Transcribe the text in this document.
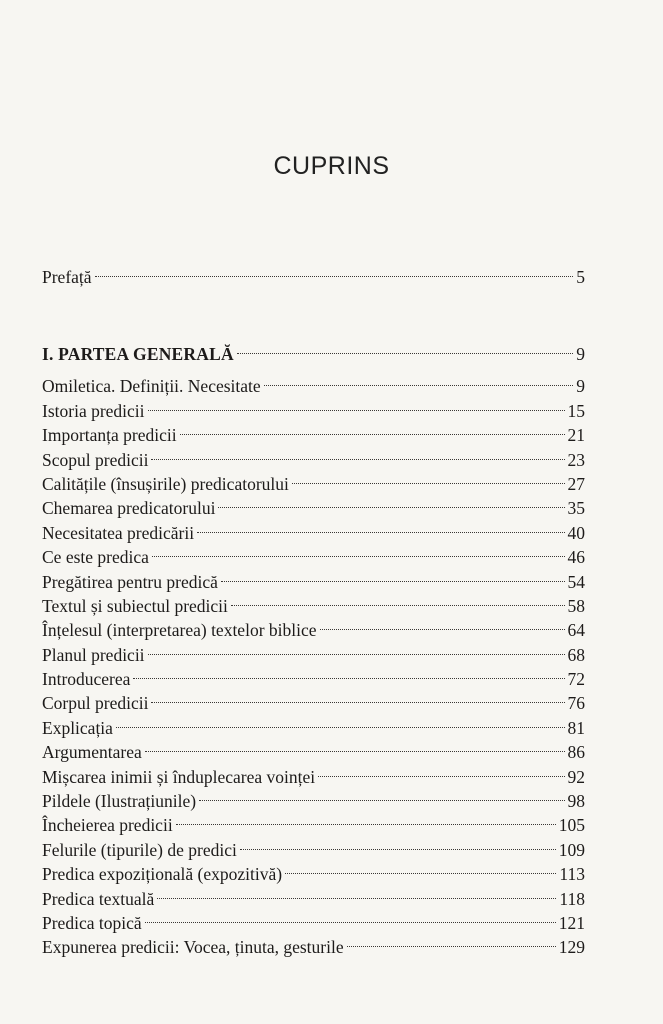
CUPRINS
Prefață	5
I. PARTEA GENERALĂ	9
Omiletica. Definiții. Necesitate	9
Istoria predicii	15
Importanța predicii	21
Scopul predicii	23
Calitățile (însușirile) predicatorului	27
Chemarea predicatorului	35
Necesitatea predicării	40
Ce este predica	46
Pregătirea pentru predică	54
Textul și subiectul predicii	58
Înțelesul (interpretarea) textelor biblice	64
Planul predicii	68
Introducerea	72
Corpul predicii	76
Explicația	81
Argumentarea	86
Mișcarea inimii și înduplecarea voinței	92
Pildele (Ilustrațiunile)	98
Încheierea predicii	105
Felurile (tipurile) de predici	109
Predica expozițională (expozitivă)	113
Predica textuală	118
Predica topică	121
Expunerea predicii: Vocea, ținuta, gesturile	129
